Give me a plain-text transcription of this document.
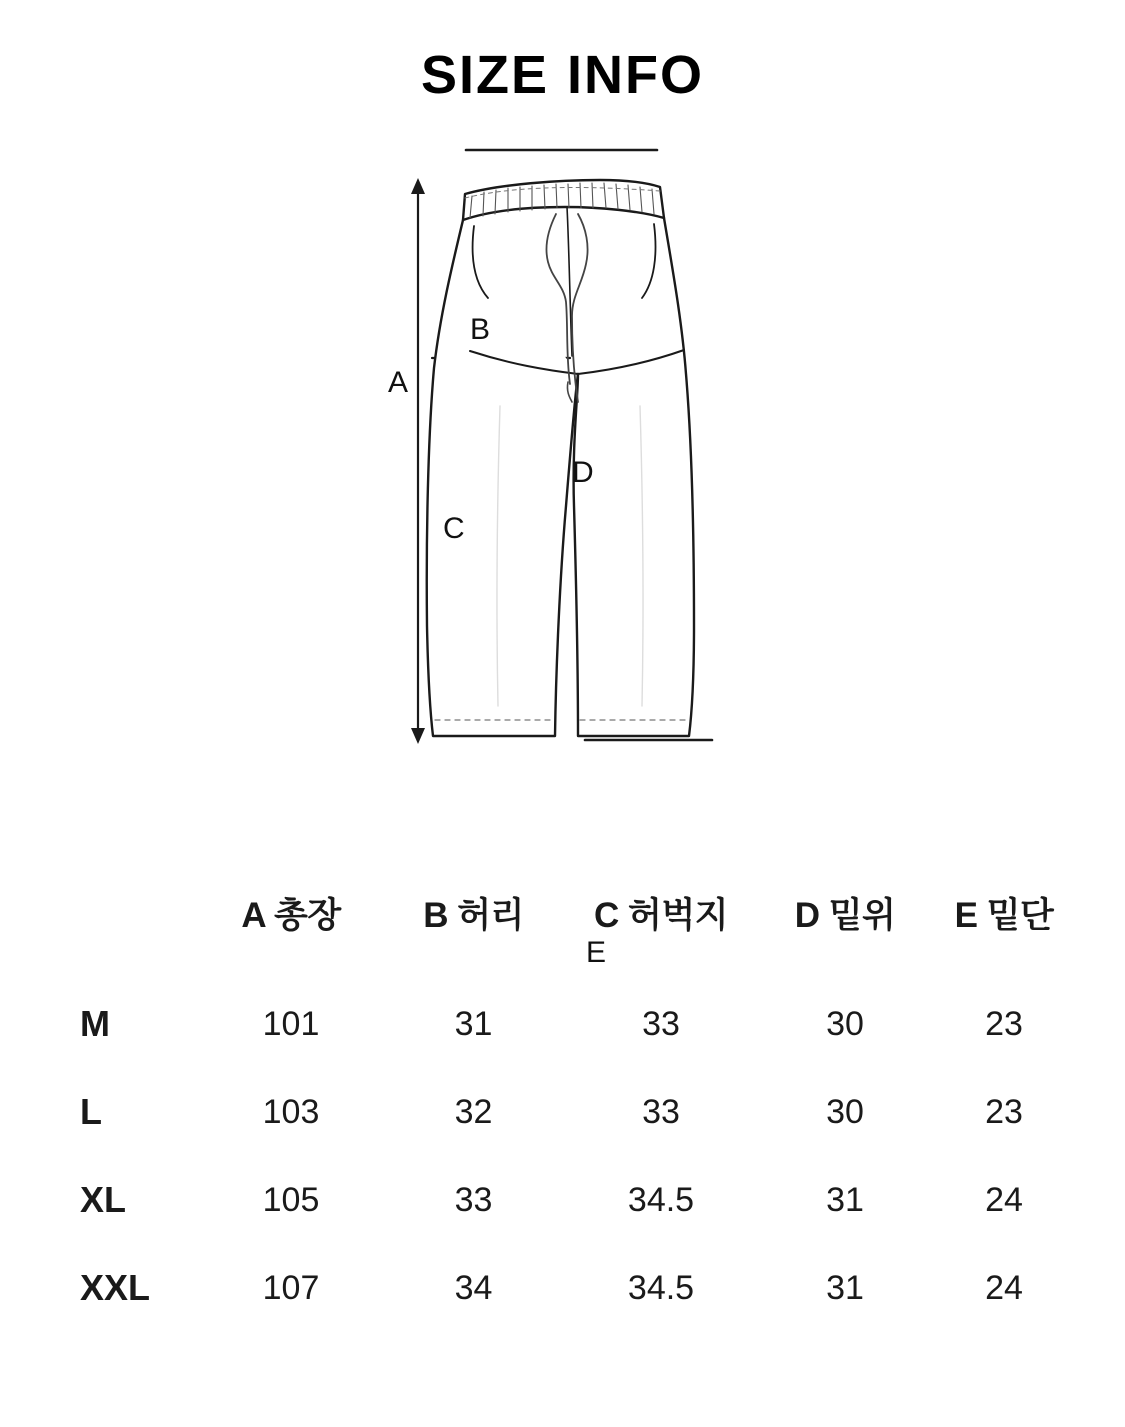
SIZE INFO
A
B
C
D
E
	A 총장	B 허리	C 허벅지	D 밑위	E 밑단
M	101	31	33	30	23
L	103	32	33	30	23
XL	105	33	34.5	31	24
XXL	107	34	34.5	31	24
